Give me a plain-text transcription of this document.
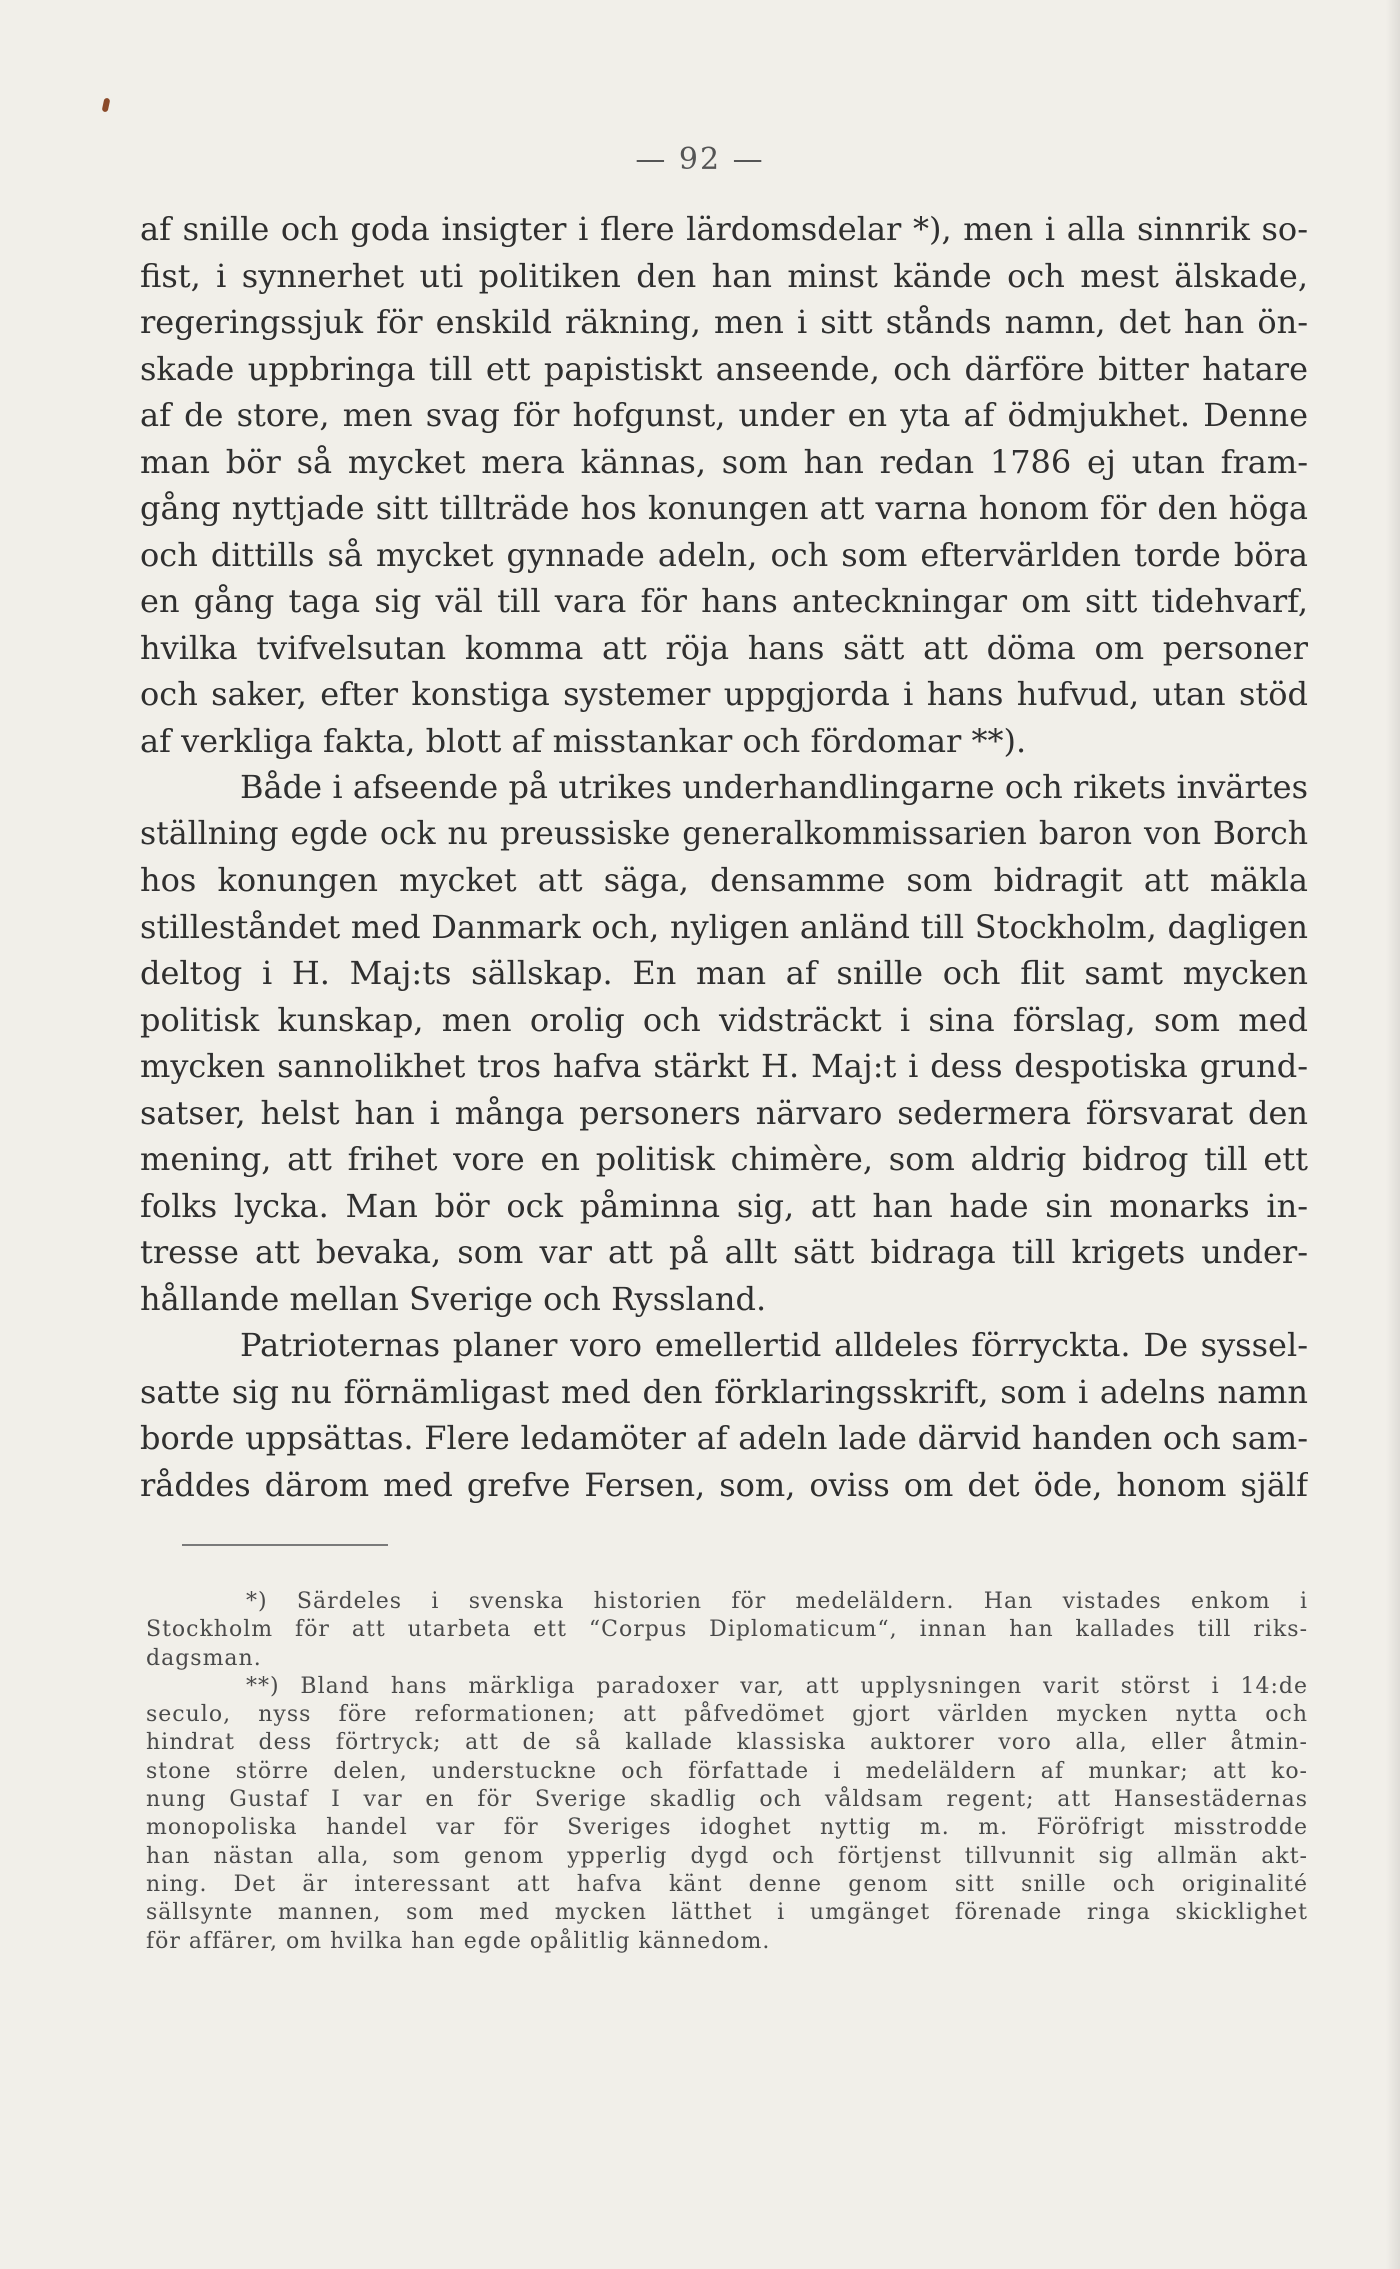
— 92 —
af snille och goda insigter i flere lärdomsdelar *), men i alla sinnrik so-
fist, i synnerhet uti politiken den han minst kände och mest älskade,
regeringssjuk för enskild räkning, men i sitt stånds namn, det han ön-
skade uppbringa till ett papistiskt anseende, och därföre bitter hatare
af de store, men svag för hofgunst, under en yta af ödmjukhet. Denne
man bör så mycket mera kännas, som han redan 1786 ej utan fram-
gång nyttjade sitt tillträde hos konungen att varna honom för den höga
och dittills så mycket gynnade adeln, och som eftervärlden torde böra
en gång taga sig väl till vara för hans anteckningar om sitt tidehvarf,
hvilka tvifvelsutan komma att röja hans sätt att döma om personer
och saker, efter konstiga systemer uppgjorda i hans hufvud, utan stöd
af verkliga fakta, blott af misstankar och fördomar **).
Både i afseende på utrikes underhandlingarne och rikets invärtes
ställning egde ock nu preussiske generalkommissarien baron von Borch
hos konungen mycket att säga, densamme som bidragit att mäkla
stilleståndet med Danmark och, nyligen anländ till Stockholm, dagligen
deltog i H. Maj:ts sällskap. En man af snille och flit samt mycken
politisk kunskap, men orolig och vidsträckt i sina förslag, som med
mycken sannolikhet tros hafva stärkt H. Maj:t i dess despotiska grund-
satser, helst han i många personers närvaro sedermera försvarat den
mening, att frihet vore en politisk chimère, som aldrig bidrog till ett
folks lycka. Man bör ock påminna sig, att han hade sin monarks in-
tresse att bevaka, som var att på allt sätt bidraga till krigets under-
hållande mellan Sverige och Ryssland.
Patrioternas planer voro emellertid alldeles förryckta. De syssel-
satte sig nu förnämligast med den förklaringsskrift, som i adelns namn
borde uppsättas. Flere ledamöter af adeln lade därvid handen och sam-
råddes därom med grefve Fersen, som, oviss om det öde, honom själf
*) Särdeles i svenska historien för medeläldern. Han vistades enkom i
Stockholm för att utarbeta ett “Corpus Diplomaticum“, innan han kallades till riks-
dagsman.
**) Bland hans märkliga paradoxer var, att upplysningen varit störst i 14:de
seculo, nyss före reformationen; att påfvedömet gjort världen mycken nytta och
hindrat dess förtryck; att de så kallade klassiska auktorer voro alla, eller åtmin-
stone större delen, understuckne och författade i medeläldern af munkar; att ko-
nung Gustaf I var en för Sverige skadlig och våldsam regent; att Hansestädernas
monopoliska handel var för Sveriges idoghet nyttig m. m. Föröfrigt misstrodde
han nästan alla, som genom ypperlig dygd och förtjenst tillvunnit sig allmän akt-
ning. Det är interessant att hafva känt denne genom sitt snille och originalité
sällsynte mannen, som med mycken lätthet i umgänget förenade ringa skicklighet
för affärer, om hvilka han egde opålitlig kännedom.
